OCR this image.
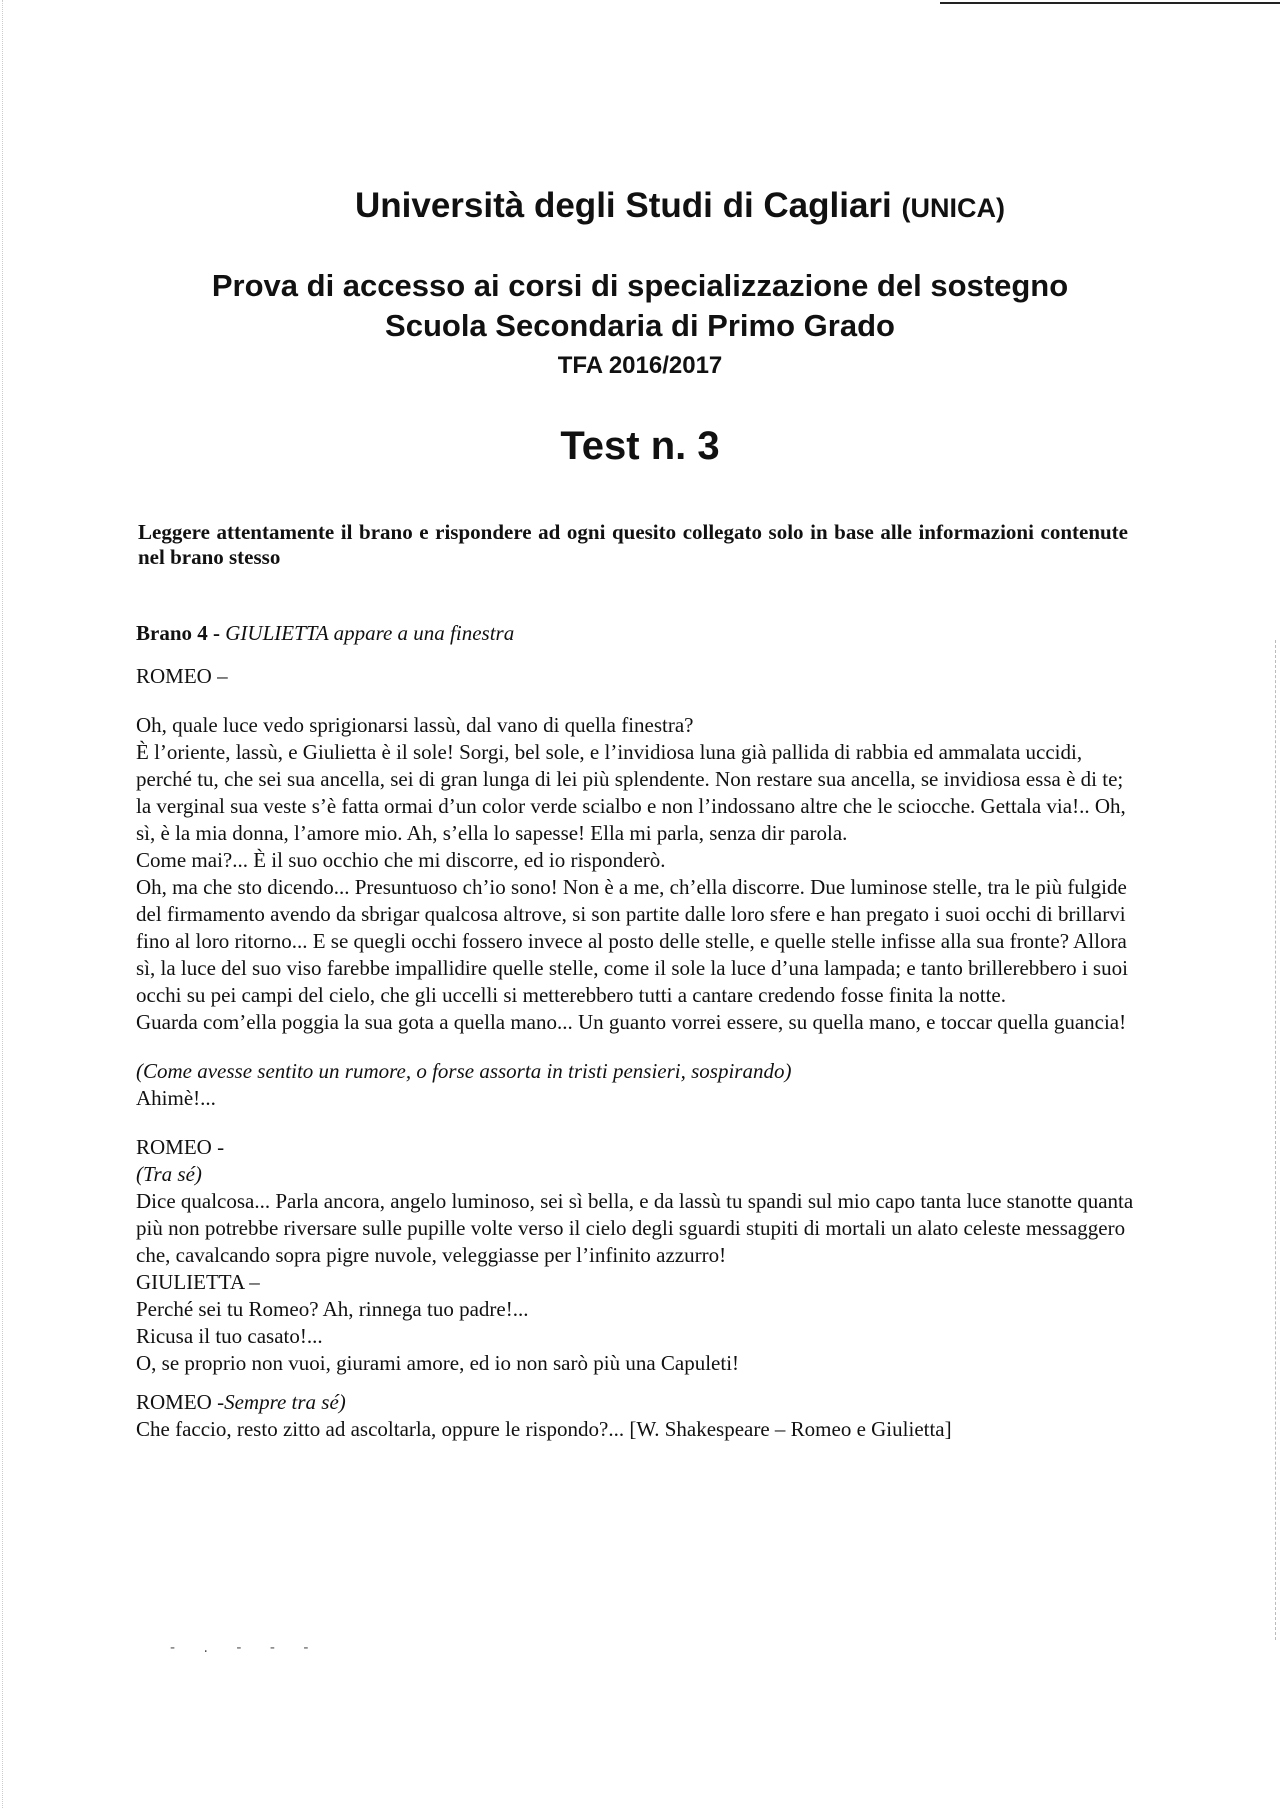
Università degli Studi di Cagliari (UNICA)
Prova di accesso ai corsi di specializzazione del sostegno
Scuola Secondaria di Primo Grado
TFA 2016/2017
Test n. 3
Leggere attentamente il brano e rispondere ad ogni quesito collegato solo in base alle informazioni contenute nel brano stesso
Brano 4 - GIULIETTA appare a una finestra
ROMEO –

Oh, quale luce vedo sprigionarsi lassù, dal vano di quella finestra?

È l’oriente, lassù, e Giulietta è il sole! Sorgi, bel sole, e l’invidiosa luna già pallida di rabbia ed ammalata uccidi, perché tu, che sei sua ancella, sei di gran lunga di lei più splendente. Non restare sua ancella, se invidiosa essa è di te; la verginal sua veste s’è fatta ormai d’un color verde scialbo e non l’indossano altre che le sciocche. Gettala via!.. Oh, sì, è la mia donna, l’amore mio. Ah, s’ella lo sapesse! Ella mi parla, senza dir parola.

Come mai?... È il suo occhio che mi discorre, ed io risponderò.

Oh, ma che sto dicendo... Presuntuoso ch’io sono! Non è a me, ch’ella discorre. Due luminose stelle, tra le più fulgide del firmamento avendo da sbrigar qualcosa altrove, si son partite dalle loro sfere e han pregato i suoi occhi di brillarvi fino al loro ritorno... E se quegli occhi fossero invece al posto delle stelle, e quelle stelle infisse alla sua fronte? Allora sì, la luce del suo viso farebbe impallidire quelle stelle, come il sole la luce d’una lampada; e tanto brillerebbero i suoi occhi su pei campi del cielo, che gli uccelli si metterebbero tutti a cantare credendo fosse finita la notte.

Guarda com’ella poggia la sua gota a quella mano... Un guanto vorrei essere, su quella mano, e toccar quella guancia!

(Come avesse sentito un rumore, o forse assorta in tristi pensieri, sospirando)

Ahimè!...

ROMEO -

(Tra sé)

Dice qualcosa... Parla ancora, angelo luminoso, sei sì bella, e da lassù tu spandi sul mio capo tanta luce stanotte quanta più non potrebbe riversare sulle pupille volte verso il cielo degli sguardi stupiti di mortali un alato celeste messaggero che, cavalcando sopra pigre nuvole, veleggiasse per l’infinito azzurro!

GIULIETTA –

Perché sei tu Romeo? Ah, rinnega tuo padre!...

Ricusa il tuo casato!...

O, se proprio non vuoi, giurami amore, ed io non sarò più una Capuleti!

ROMEO -Sempre tra sé)

Che faccio, resto zitto ad ascoltarla, oppure le rispondo?... [W. Shakespeare – Romeo e Giulietta]

- . - - -
